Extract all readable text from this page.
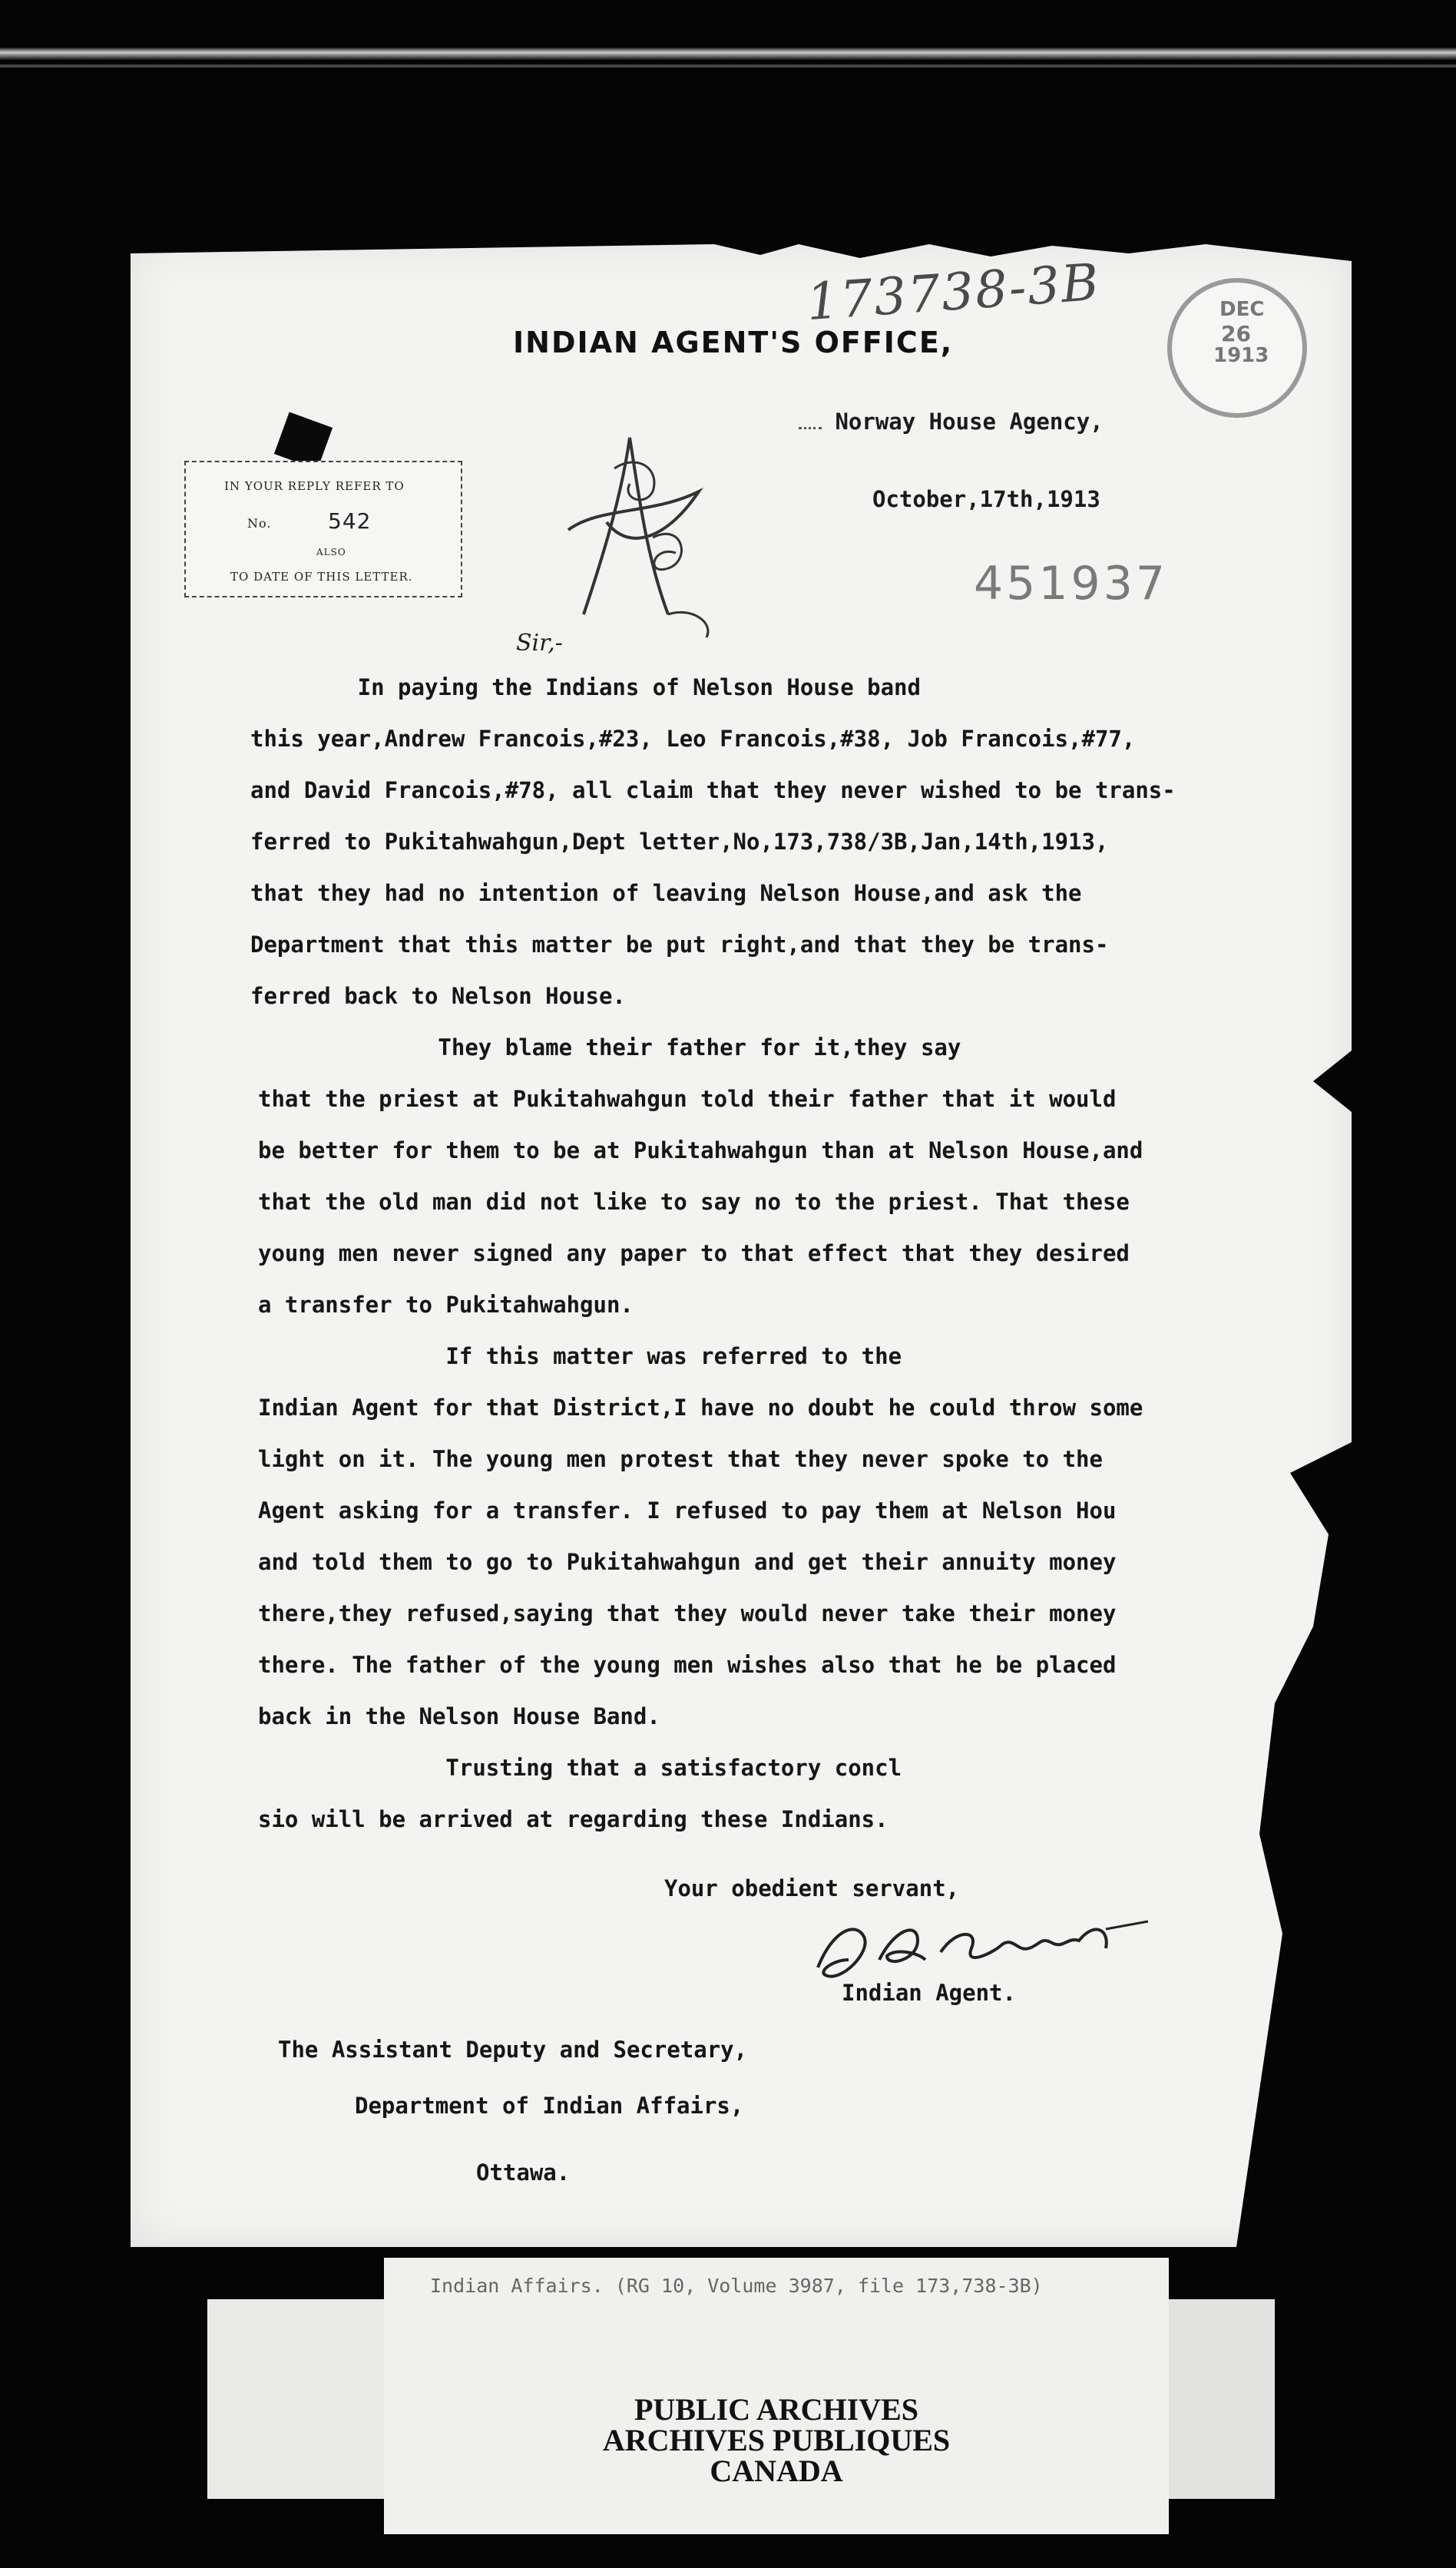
173738-3B	DEC
26
1913
INDIAN AGENT'S OFFICE,
Norway House Agency,
October,17th,1913
IN YOUR REPLY REFER TO
No.	542
ALSO
TO DATE OF THIS LETTER.	451937
Sir,-
In paying the Indians of Nelson House band
this year,Andrew Francois,#23, Leo Francois,#38, Job Francois,#77,
and David Francois,#78, all claim that they never wished to be trans-
ferred to Pukitahwahgun,Dept letter,No,173,738/3B,Jan,14th,1913,
that they had no intention of leaving Nelson House,and ask the
Department that this matter be put right,and that they be trans-
ferred back to Nelson House.
They blame their father for it,they say
that the priest at Pukitahwahgun told their father that it would
be better for them to be at Pukitahwahgun than at Nelson House,and
that the old man did not like to say no to the priest. That these
young men never signed any paper to that effect that they desired
a transfer to Pukitahwahgun.
If this matter was referred to the
Indian Agent for that District,I have no doubt he could throw some
light on it. The young men protest that they never spoke to the
Agent asking for a transfer. I refused to pay them at Nelson Hou
and told them to go to Pukitahwahgun and get their annuity money
there,they refused,saying that they would never take their money
there. The father of the young men wishes also that he be placed
back in the Nelson House Band.
Trusting that a satisfactory concl
sio will be arrived at regarding these Indians.
Your obedient servant,
Indian Agent.
The Assistant Deputy and Secretary,
Department of Indian Affairs,
Ottawa.
Indian Affairs. (RG 10, Volume 3987, file 173,738-3B)
PUBLIC ARCHIVES
ARCHIVES PUBLIQUES
CANADA
